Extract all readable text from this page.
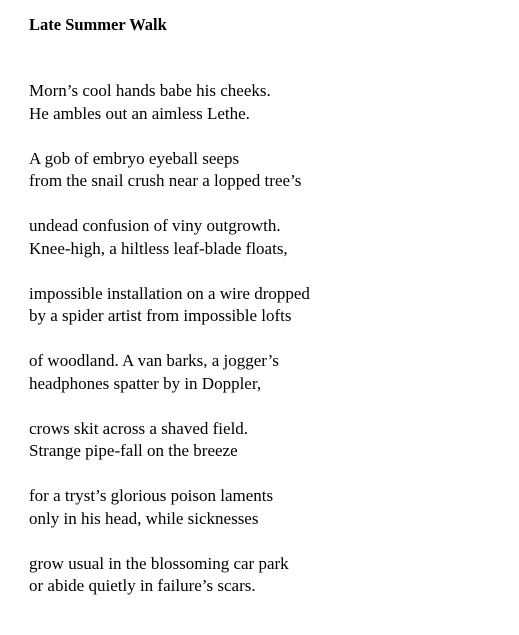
Late Summer Walk
Morn’s cool hands babe his cheeks.
He ambles out an aimless Lethe.
A gob of embryo eyeball seeps
from the snail crush near a lopped tree’s
undead confusion of viny outgrowth.
Knee-high, a hiltless leaf-blade floats,
impossible installation on a wire dropped
by a spider artist from impossible lofts
of woodland. A van barks, a jogger’s
headphones spatter by in Doppler,
crows skit across a shaved field.
Strange pipe-fall on the breeze
for a tryst’s glorious poison laments
only in his head, while sicknesses
grow usual in the blossoming car park
or abide quietly in failure’s scars.
